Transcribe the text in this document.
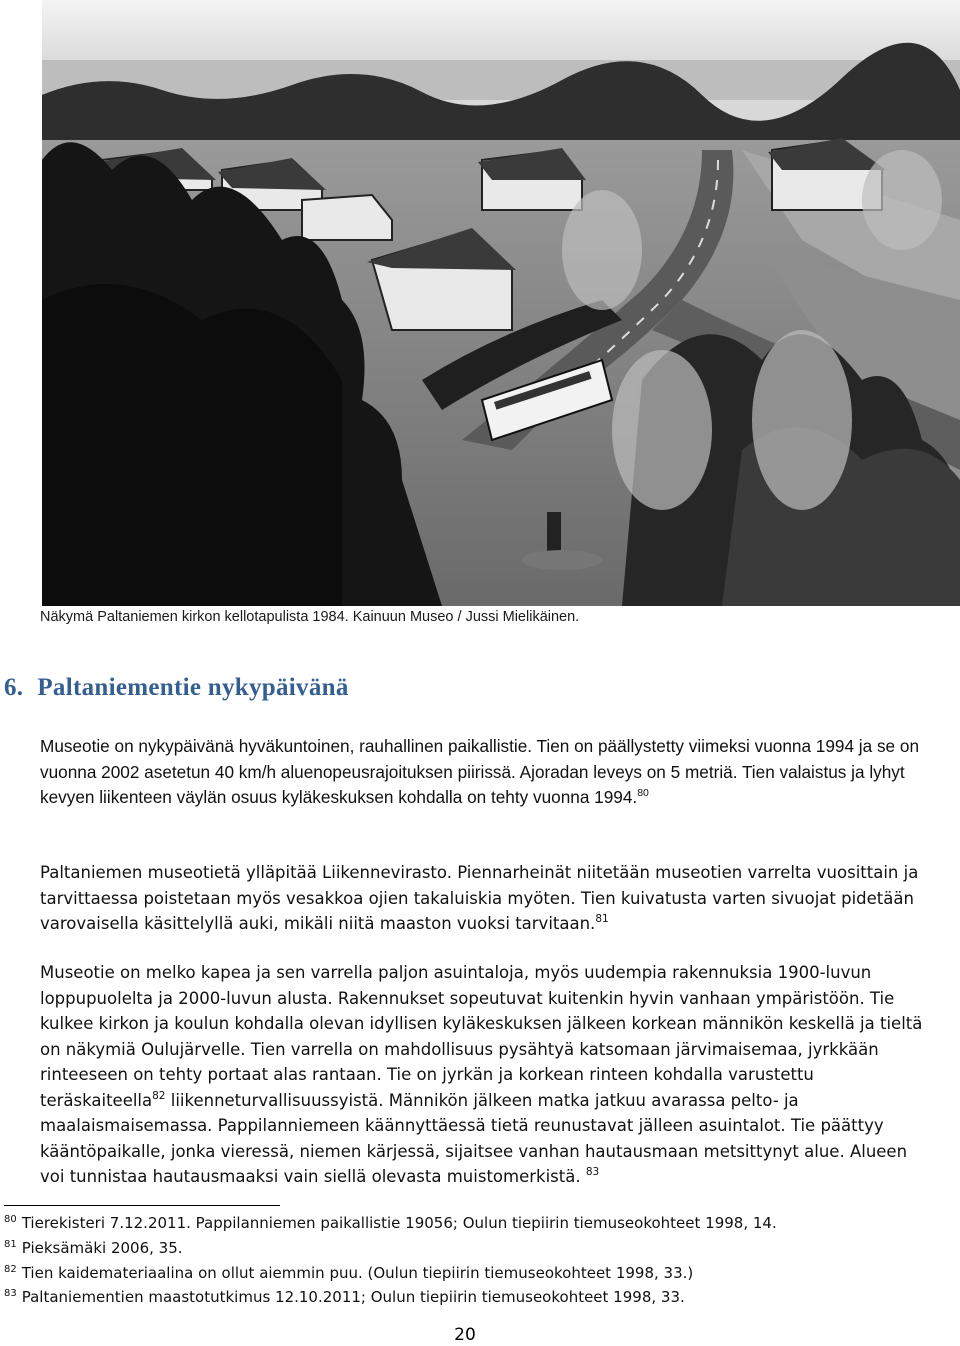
Näkymä Paltaniemen kirkon kellotapulista 1984. Kainuun Museo / Jussi Mielikäinen.
6. Paltaniementie nykypäivänä

Museotie on nykypäivänä hyväkuntoinen, rauhallinen paikallistie. Tien on päällystetty viimeksi vuonna 1994 ja se on vuonna 2002 asetetun 40 km/h aluenopeusrajoituksen piirissä. Ajoradan leveys on 5 metriä. Tien valaistus ja lyhyt kevyen liikenteen väylän osuus kyläkeskuksen kohdalla on tehty vuonna 1994.80

Paltaniemen museotietä ylläpitää Liikennevirasto. Piennarheinät niitetään museotien varrelta vuosittain ja tarvittaessa poistetaan myös vesakkoa ojien takaluiskia myöten. Tien kuivatusta varten sivuojat pidetään varovaisella käsittelyllä auki, mikäli niitä maaston vuoksi tarvitaan.$^{81}$

Museotie on melko kapea ja sen varrella paljon asuintaloja, myös uudempia rakennuksia 1900-luvun loppupuolelta ja 2000-luvun alusta. Rakennukset sopeutuvat kuitenkin hyvin vanhaan ympäristöön. Tie kulkee kirkon ja koulun kohdalla olevan idyllisen kyläkeskuksen jälkeen korkean männikön keskellä ja tieltä on näkymiä Oulujärvelle. Tien varrella on mahdollisuus pysähtyä katsomaan järvimaisemaa, jyrkkään rinteeseen on tehty portaat alas rantaan. Tie on jyrkän ja korkean rinteen kohdalla varustettu teräskaiteella$^{82}$ liikenneturvallisuussyistä. Männikön jälkeen matka jatkuu avarassa pelto- ja maalaismaisemassa. Pappilanniemeen käännyttäessä tietä reunustavat jälleen asuintalot. Tie päättyy kääntöpaikalle, jonka vieressä, niemen kärjessä, sijaitsee vanhan hautausmaan metsittynyt alue. Alueen voi tunnistaa hautausmaaksi vain siellä olevasta muistomerkistä. $^{83}$

$^{80}$ Tierekisteri 7.12.2011. Pappilanniemen paikallistie 19056; Oulun tiepiirin tiemuseokohteet 1998, 14.
$^{81}$ Pieksämäki 2006, 35.
$^{82}$ Tien kaidemateriaalina on ollut aiemmin puu. (Oulun tiepiirin tiemuseokohteet 1998, 33.)
$^{83}$ Paltaniementien maastotutkimus 12.10.2011; Oulun tiepiirin tiemuseokohteet 1998, 33.
20
